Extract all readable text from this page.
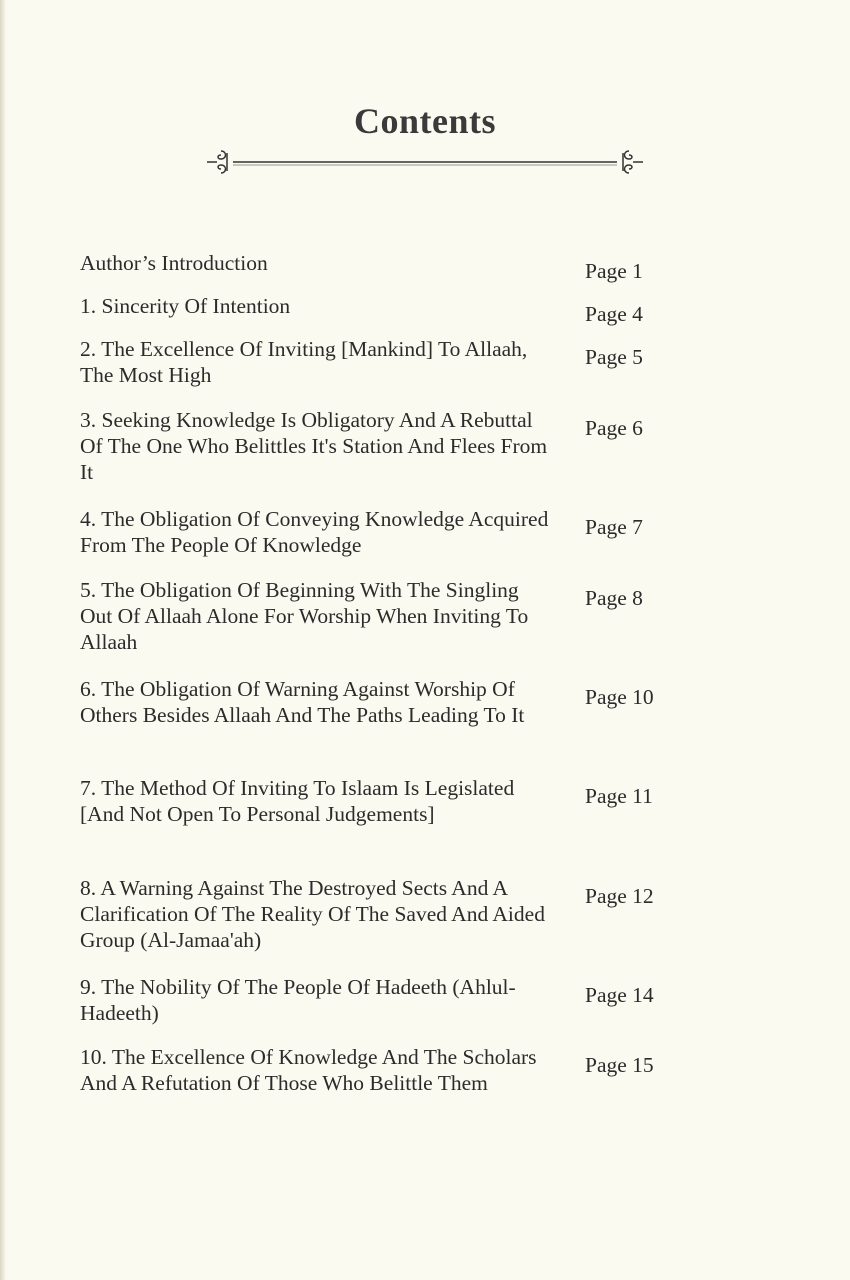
Contents
Author’s Introduction	Page 1
1. Sincerity Of Intention	Page 4
2. The Excellence Of Inviting [Mankind] To Allaah, The Most High
Page 5
3. Seeking Knowledge Is Obligatory And A Rebuttal Of The One Who Belittles It's Station And Flees From It
Page 6
4. The Obligation Of Conveying Knowledge Acquired From The People Of Knowledge
Page 7
5. The Obligation Of Beginning With The Singling Out Of Allaah Alone For Worship When Inviting To Allaah
Page 8
6. The Obligation Of Warning Against Worship Of Others Besides Allaah And The Paths Leading To It
Page 10
7. The Method Of Inviting To Islaam Is Legislated [And Not Open To Personal Judgements]
Page 11
8. A Warning Against The Destroyed Sects And A Clarification Of The Reality Of The Saved And Aided Group (Al-Jamaa'ah)
Page 12
9. The Nobility Of The People Of Hadeeth (Ahlul-Hadeeth)
Page 14
10. The Excellence Of Knowledge And The Scholars And A Refutation Of Those Who Belittle Them
Page 15
